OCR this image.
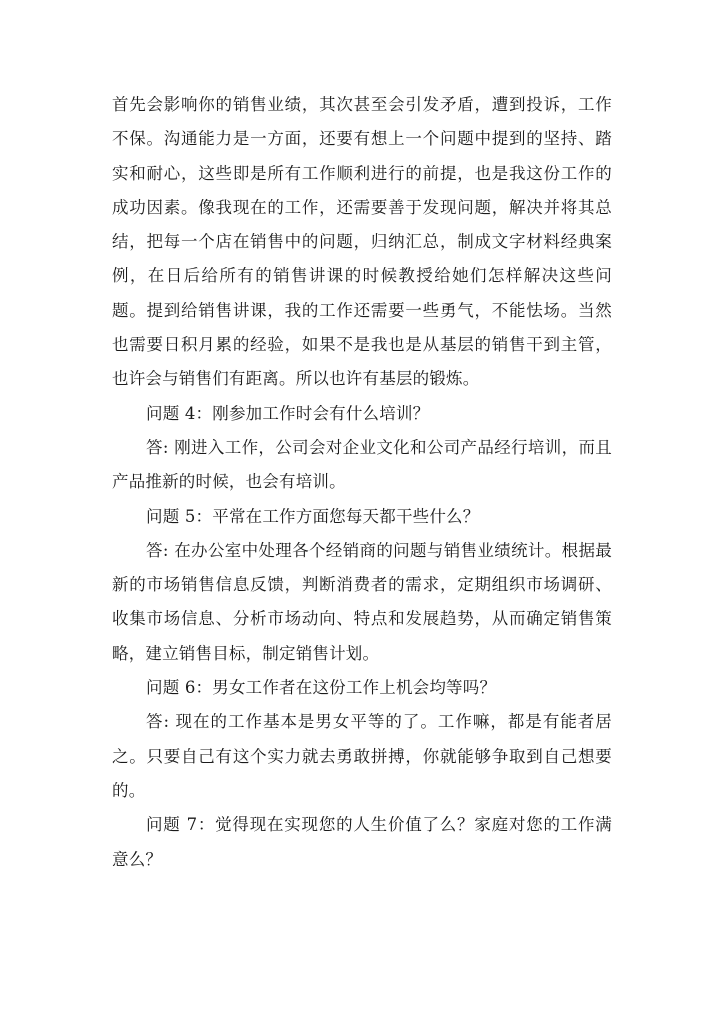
首先会影响你的销售业绩，其次甚至会引发矛盾，遭到投诉，工作不保。沟通能力是一方面，还要有想上一个问题中提到的坚持、踏实和耐心，这些即是所有工作顺利进行的前提，也是我这份工作的成功因素。像我现在的工作，还需要善于发现问题，解决并将其总结，把每一个店在销售中的问题，归纳汇总，制成文字材料经典案例，在日后给所有的销售讲课的时候教授给她们怎样解决这些问题。提到给销售讲课，我的工作还需要一些勇气，不能怯场。当然也需要日积月累的经验，如果不是我也是从基层的销售干到主管，也许会与销售们有距离。所以也许有基层的锻炼。

问题 4：刚参加工作时会有什么培训？

答: 刚进入工作，公司会对企业文化和公司产品经行培训，而且产品推新的时候，也会有培训。

问题 5：平常在工作方面您每天都干些什么？

答: 在办公室中处理各个经销商的问题与销售业绩统计。根据最新的市场销售信息反馈，判断消费者的需求，定期组织市场调研、收集市场信息、分析市场动向、特点和发展趋势，从而确定销售策略，建立销售目标，制定销售计划。

问题 6：男女工作者在这份工作上机会均等吗？

答: 现在的工作基本是男女平等的了。工作嘛，都是有能者居之。只要自己有这个实力就去勇敢拼搏，你就能够争取到自己想要的。

问题 7：觉得现在实现您的人生价值了么？家庭对您的工作满意么？
